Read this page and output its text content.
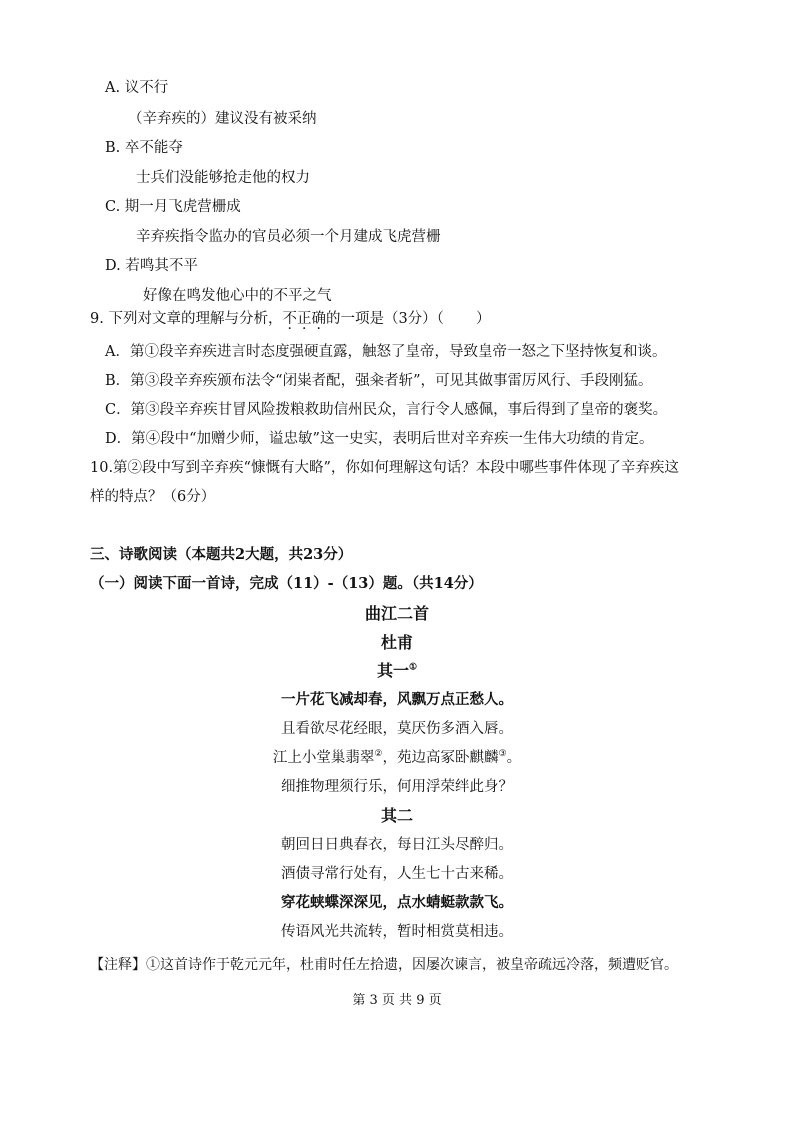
A. 议不行
（辛弃疾的）建议没有被采纳
B. 卒不能夺
士兵们没能够抢走他的权力
C. 期一月飞虎营栅成
辛弃疾指令监办的官员必须一个月建成飞虎营栅
D. 若鸣其不平
好像在鸣发他心中的不平之气
9. 下列对文章的理解与分析，不正确的一项是（3分）（ ）
A．第①段辛弃疾进言时态度强硬直露，触怒了皇帝，导致皇帝一怒之下坚持恢复和谈。
B．第③段辛弃疾颁布法令“闭粜者配，强籴者斩”，可见其做事雷厉风行、手段刚猛。
C．第③段辛弃疾甘冒风险拨粮救助信州民众，言行令人感佩，事后得到了皇帝的褒奖。
D．第④段中“加赠少师，谥忠敏”这一史实，表明后世对辛弃疾一生伟大功绩的肯定。
10.第②段中写到辛弃疾“慷慨有大略”，你如何理解这句话？本段中哪些事件体现了辛弃疾这
样的特点？（6分）
三、诗歌阅读（本题共2大题，共23分）
（一）阅读下面一首诗，完成（11）-（13）题。（共14分）
曲江二首
杜甫
其一①
一片花飞减却春，风飘万点正愁人。
且看欲尽花经眼，莫厌伤多酒入唇。
江上小堂巢翡翠②，苑边高冢卧麒麟③。
细推物理须行乐，何用浮荣绊此身？
其二
朝回日日典春衣，每日江头尽醉归。
酒债寻常行处有，人生七十古来稀。
穿花蛱蝶深深见，点水蜻蜓款款飞。
传语风光共流转，暂时相赏莫相违。
【注释】①这首诗作于乾元元年，杜甫时任左拾遗，因屡次谏言，被皇帝疏远冷落，频遭贬官。
第 3 页 共 9 页
